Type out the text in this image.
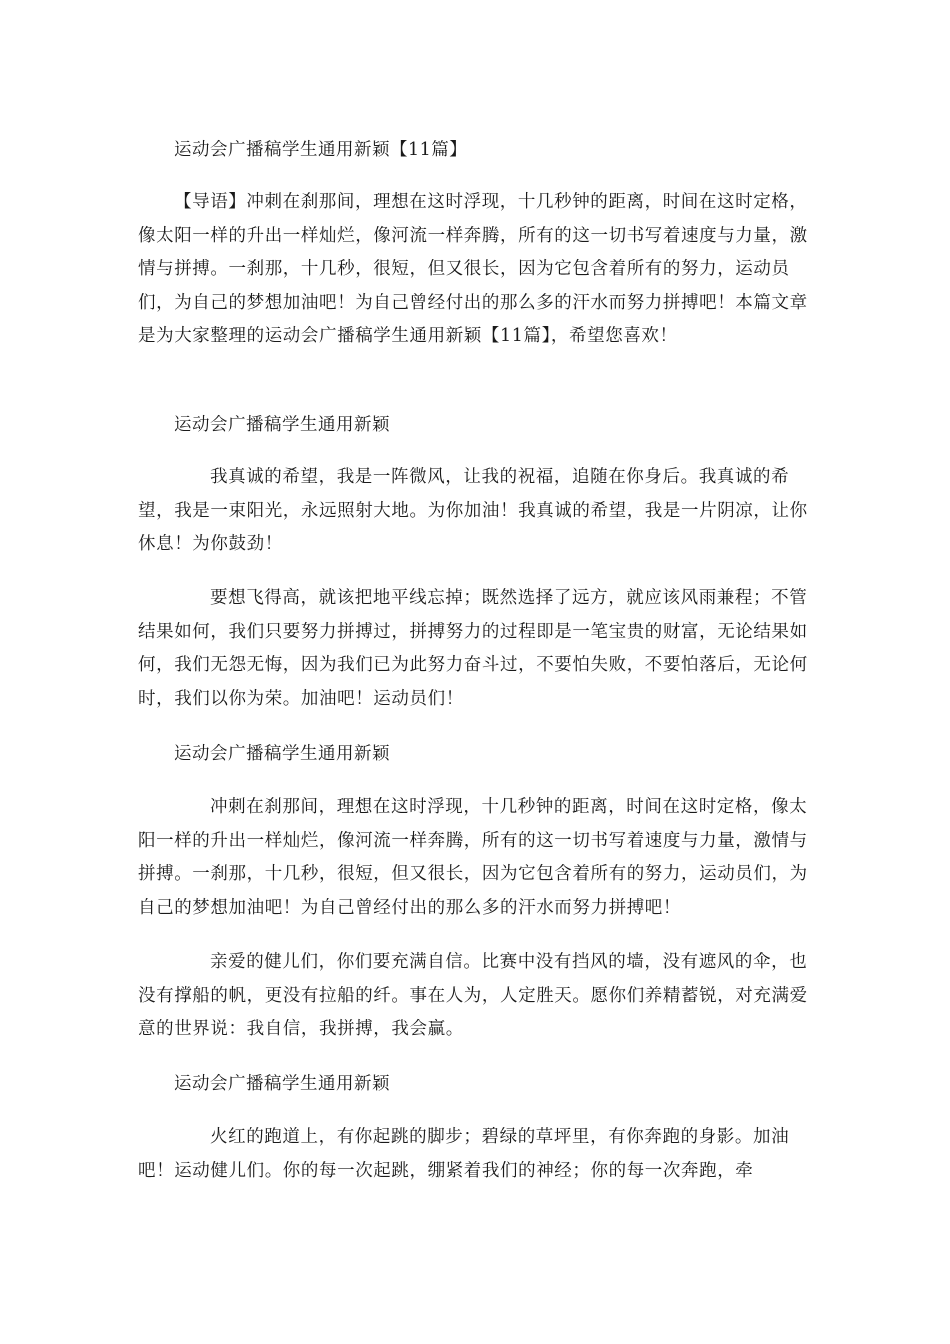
运动会广播稿学生通用新颖【11篇】

【导语】冲刺在刹那间，理想在这时浮现，十几秒钟的距离，时间在这时定格，像太阳一样的升出一样灿烂，像河流一样奔腾，所有的这一切书写着速度与力量，激情与拼搏。一刹那，十几秒，很短，但又很长，因为它包含着所有的努力，运动员们，为自己的梦想加油吧！为自己曾经付出的那么多的汗水而努力拼搏吧！本篇文章是为大家整理的运动会广播稿学生通用新颖【11篇】，希望您喜欢！

运动会广播稿学生通用新颖

我真诚的希望，我是一阵微风，让我的祝福，追随在你身后。我真诚的希望，我是一束阳光，永远照射大地。为你加油！我真诚的希望，我是一片阴凉，让你休息！为你鼓劲！

要想飞得高，就该把地平线忘掉；既然选择了远方，就应该风雨兼程；不管结果如何，我们只要努力拼搏过，拼搏努力的过程即是一笔宝贵的财富，无论结果如何，我们无怨无悔，因为我们已为此努力奋斗过，不要怕失败，不要怕落后，无论何时，我们以你为荣。加油吧！运动员们！

运动会广播稿学生通用新颖

冲刺在刹那间，理想在这时浮现，十几秒钟的距离，时间在这时定格，像太阳一样的升出一样灿烂，像河流一样奔腾，所有的这一切书写着速度与力量，激情与拼搏。一刹那，十几秒，很短，但又很长，因为它包含着所有的努力，运动员们，为自己的梦想加油吧！为自己曾经付出的那么多的汗水而努力拼搏吧！

亲爱的健儿们，你们要充满自信。比赛中没有挡风的墙，没有遮风的伞，也没有撑船的帆，更没有拉船的纤。事在人为，人定胜天。愿你们养精蓄锐，对充满爱意的世界说：我自信，我拼搏，我会赢。

运动会广播稿学生通用新颖

火红的跑道上，有你起跳的脚步；碧绿的草坪里，有你奔跑的身影。加油吧！运动健儿们。你的每一次起跳，绷紧着我们的神经；你的每一次奔跑，牵
